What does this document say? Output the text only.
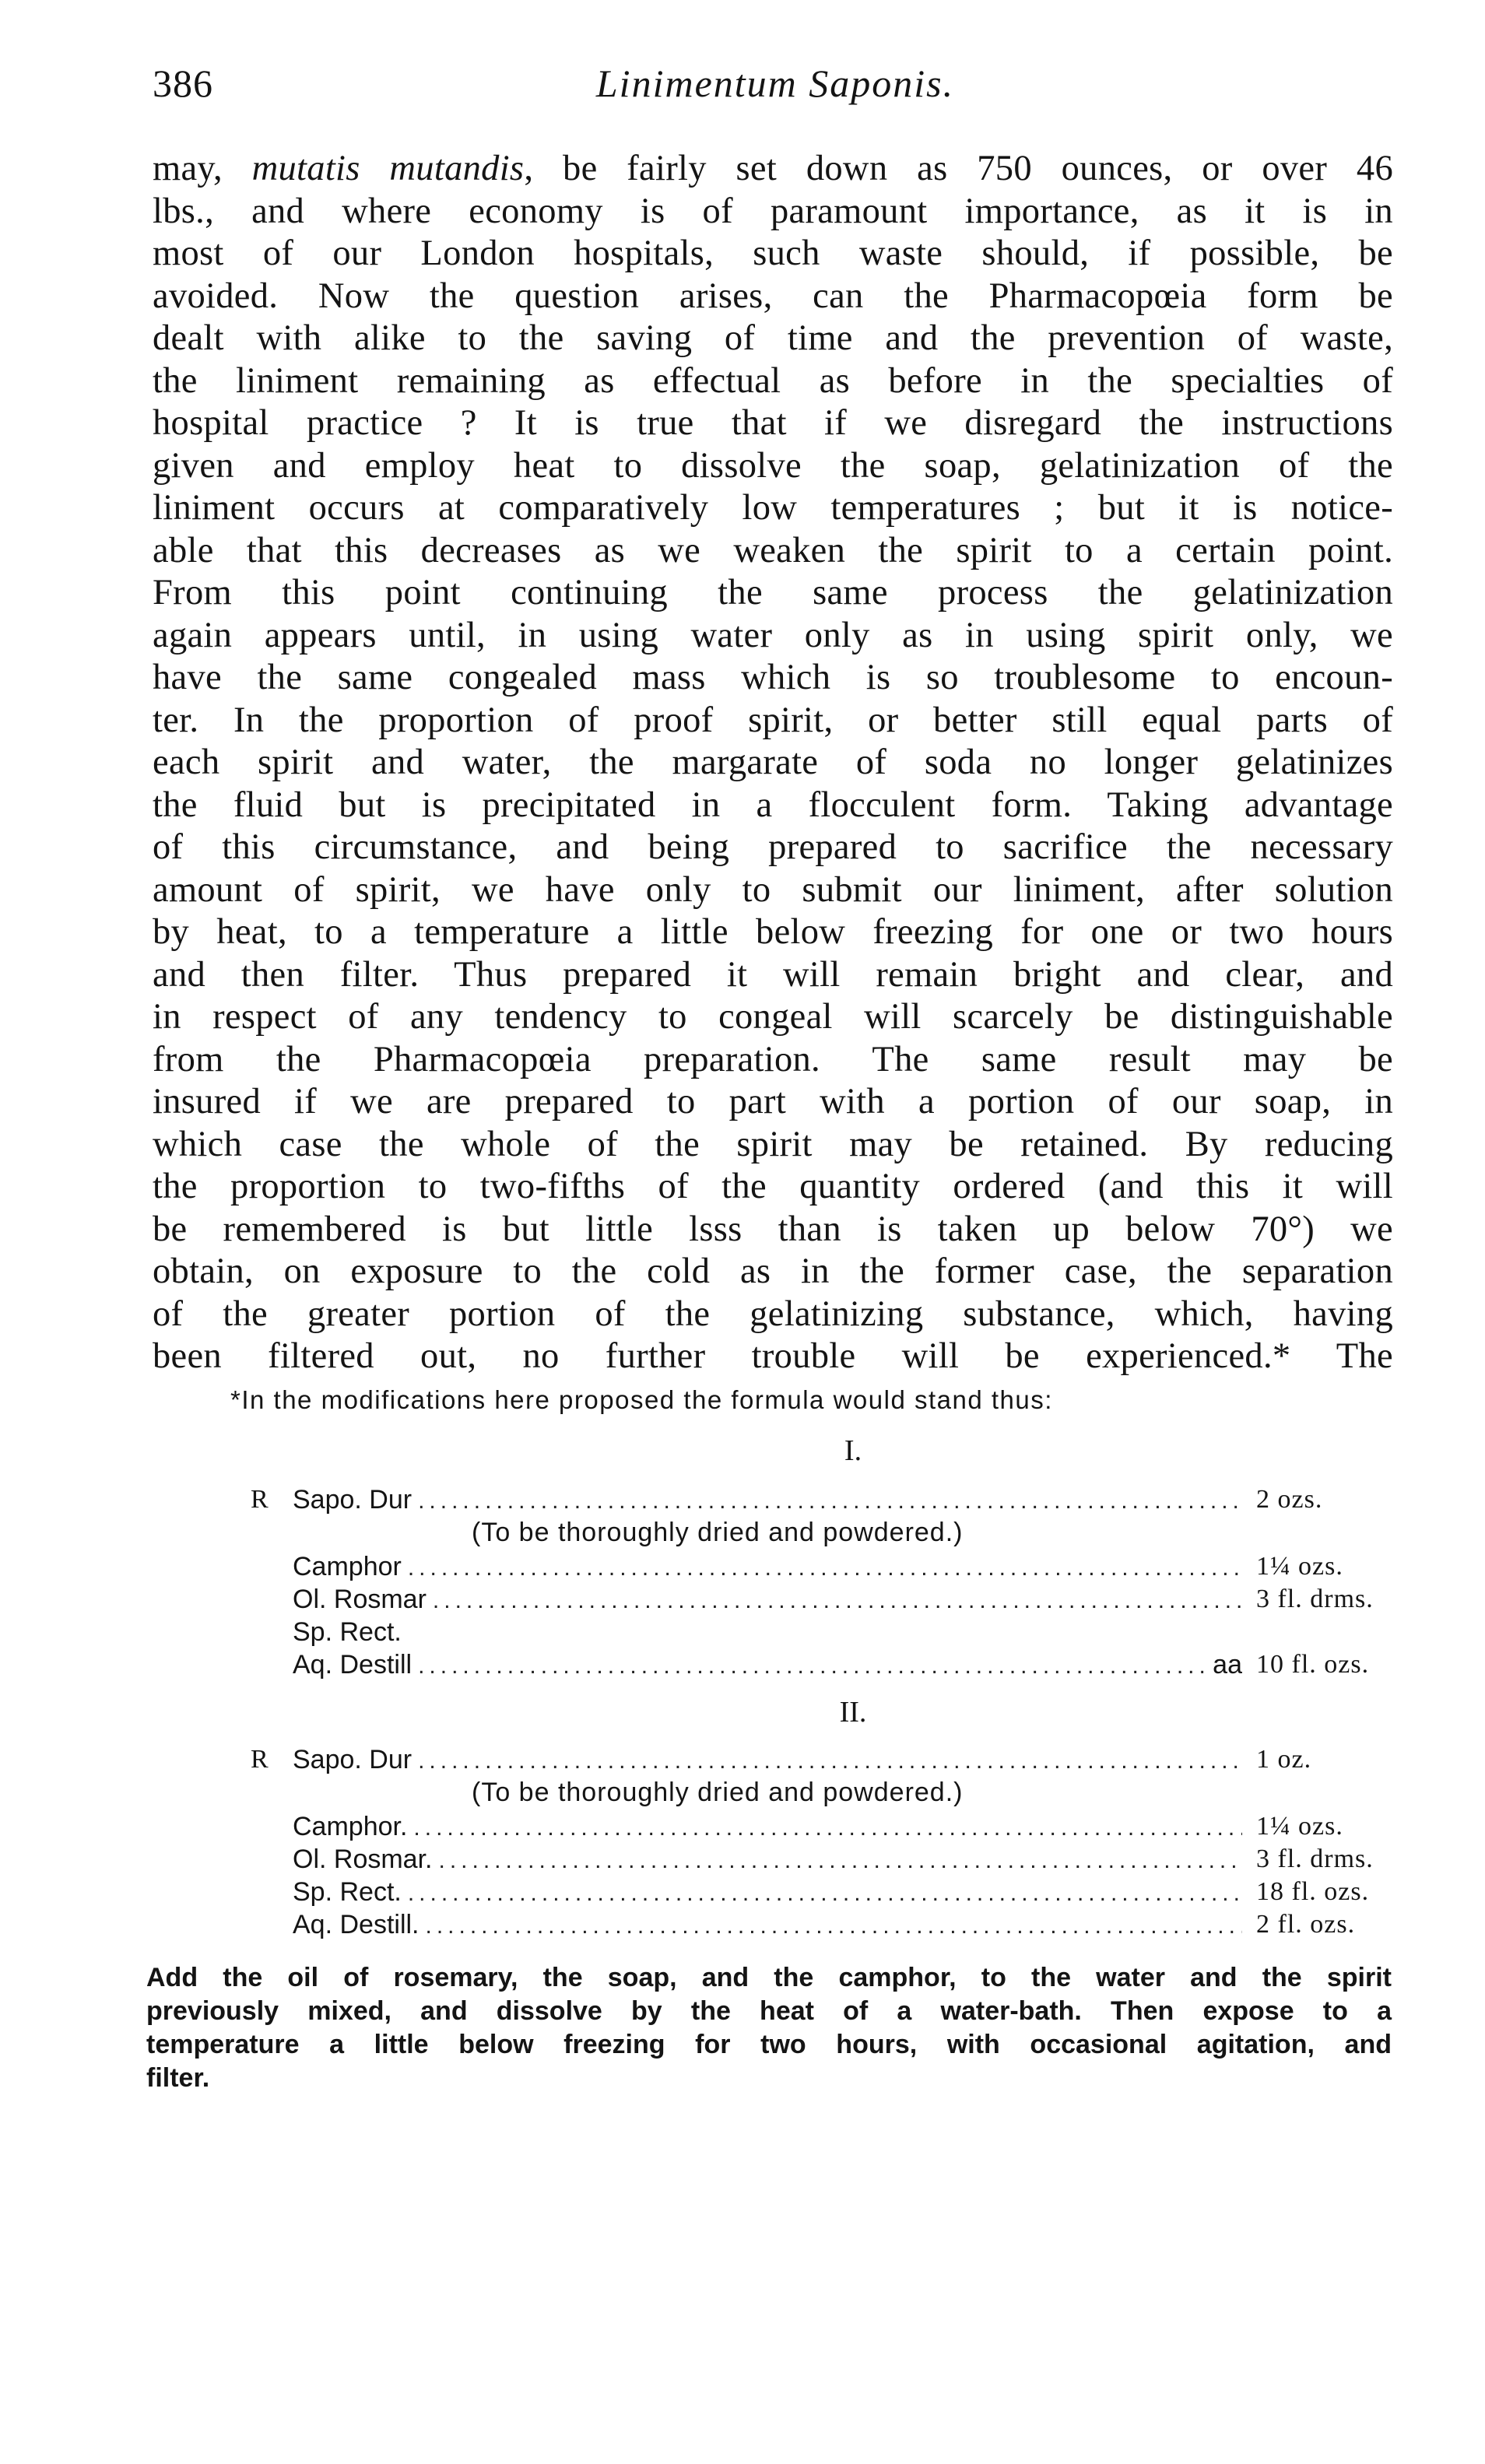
386	Linimentum Saponis.
may, mutatis mutandis, be fairly set down as 750 ounces, or over 46
lbs., and where economy is of paramount importance, as it is in
most of our London hospitals, such waste should, if possible, be
avoided. Now the question arises, can the Pharmacopœia form be
dealt with alike to the saving of time and the prevention of waste,
the liniment remaining as effectual as before in the specialties of
hospital practice ? It is true that if we disregard the instructions
given and employ heat to dissolve the soap, gelatinization of the
liniment occurs at comparatively low temperatures ; but it is notice-
able that this decreases as we weaken the spirit to a certain point.
From this point continuing the same process the gelatinization
again appears until, in using water only as in using spirit only, we
have the same congealed mass which is so troublesome to encoun-
ter. In the proportion of proof spirit, or better still equal parts of
each spirit and water, the margarate of soda no longer gelatinizes
the fluid but is precipitated in a flocculent form. Taking advantage
of this circumstance, and being prepared to sacrifice the necessary
amount of spirit, we have only to submit our liniment, after solution
by heat, to a temperature a little below freezing for one or two hours
and then filter. Thus prepared it will remain bright and clear, and
in respect of any tendency to congeal will scarcely be distinguishable
from the Pharmacopœia preparation. The same result may be
insured if we are prepared to part with a portion of our soap, in
which case the whole of the spirit may be retained. By reducing
the proportion to two-fifths of the quantity ordered (and this it will
be remembered is but little lsss than is taken up below 70°) we
obtain, on exposure to the cold as in the former case, the separation
of the greater portion of the gelatinizing substance, which, having
been filtered out, no further trouble will be experienced.* The
*In the modifications here proposed the formula would stand thus:
I.
R Sapo. Dur .....	2 ozs.
(To be thoroughly dried and powdered.)
Camphor .....	1¼ ozs.
Ol. Rosmar .....	3 fl. drms.
Sp. Rect.
Aq. Destill .....	aa 10 fl. ozs.
II.
R Sapo. Dur .....	1 oz.
(To be thoroughly dried and powdered.)
Camphor. .....	1¼ ozs.
Ol. Rosmar. .....	3 fl. drms.
Sp. Rect. .....	18 fl. ozs.
Aq. Destill. .....	2 fl. ozs.
Add the oil of rosemary, the soap, and the camphor, to the water and the spirit
previously mixed, and dissolve by the heat of a water-bath. Then expose to a
temperature a little below freezing for two hours, with occasional agitation, and
filter.
